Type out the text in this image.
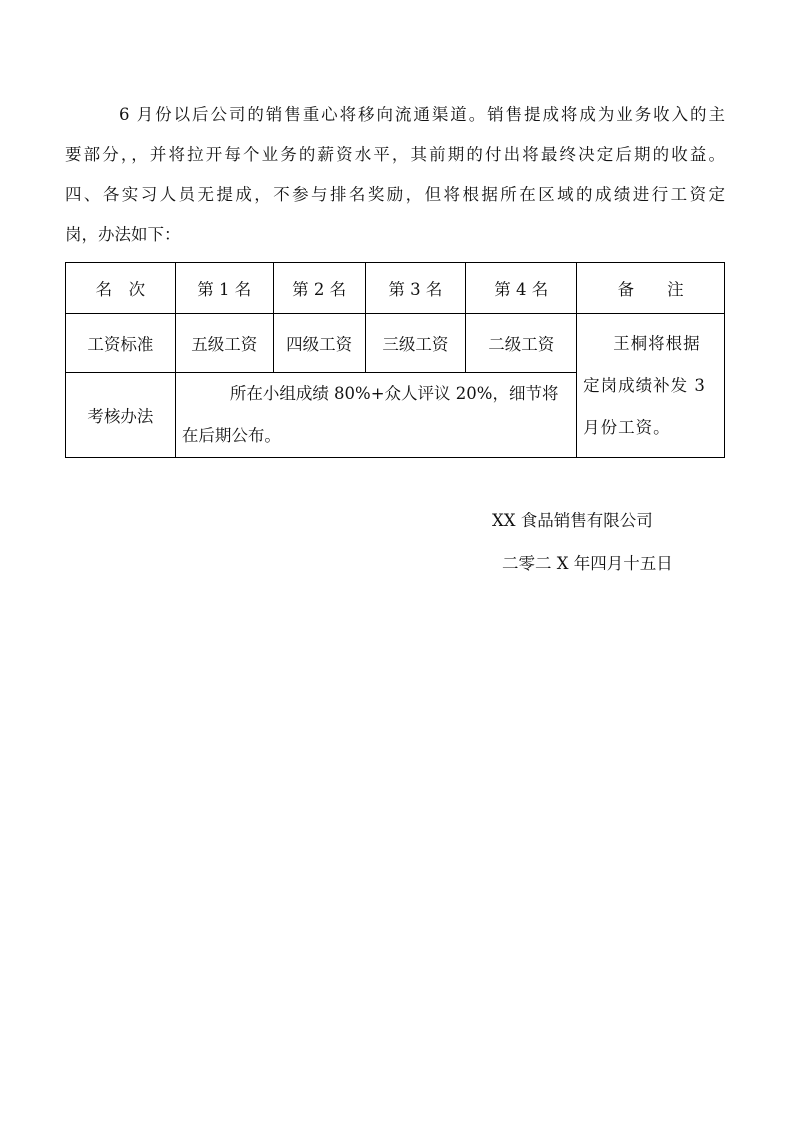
6 月份以后公司的销售重心将移向流通渠道。销售提成将成为业务收入的主
要部分，，并将拉开每个业务的薪资水平，其前期的付出将最终决定后期的收益。
四、各实习人员无提成，不参与排名奖励，但将根据所在区域的成绩进行工资定
岗，办法如下：
名　次	第 1 名	第 2 名	第 3 名	第 4 名	备　　注
工资标准	五级工资	四级工资	三级工资	二级工资	王桐将根据
定岗成绩补发 3
月份工资。

考核办法	所在小组成绩 80%+众人评议 20%，细节将
在后期公布。				
XX 食品销售有限公司
二零二 X 年四月十五日
